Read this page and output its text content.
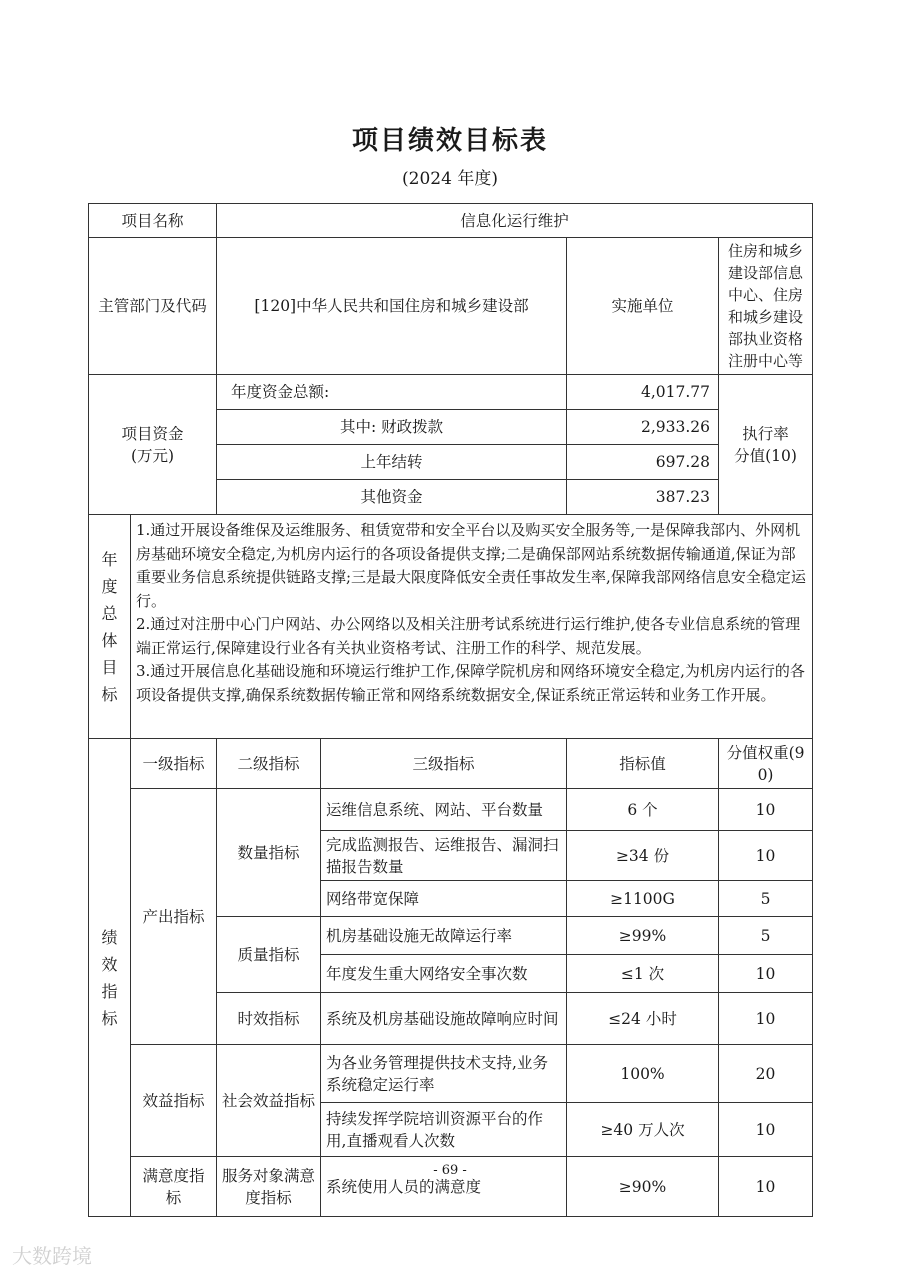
项目绩效目标表
(2024 年度)
项目名称		信息化运行维护			
主管部门及代码		[120]中华人民共和国住房和城乡建设部		实施单位	住房和城乡建设部信息中心、住房和城乡建设部执业资格注册中心等
项目资金
(万元)		年度资金总额:		4,017.77	执行率
分值(10)
		其中: 财政拨款		2,933.26	
		上年结转		697.28	
		其他资金		387.23	

年度总体目标	1.通过开展设备维保及运维服务、租赁宽带和安全平台以及购买安全服务等,一是保障我部内、外网机房基础环境安全稳定,为机房内运行的各项设备提供支撑;二是确保部网站系统数据传输通道,保证为部重要业务信息系统提供链路支撑;三是最大限度降低安全责任事故发生率,保障我部网络信息安全稳定运行。
2.通过对注册中心门户网站、办公网络以及相关注册考试系统进行运行维护,使各专业信息系统的管理端正常运行,保障建设行业各有关执业资格考试、注册工作的科学、规范发展。
3.通过开展信息化基础设施和环境运行维护工作,保障学院机房和网络环境安全稳定,为机房内运行的各项设备提供支撑,确保系统数据传输正常和网络系统数据安全,保证系统正常运转和业务工作开展。				

绩效指标	一级指标	二级指标	三级指标	指标值	分值权重(90)
	产出指标	数量指标	运维信息系统、网站、平台数量	6 个	10
			完成监测报告、运维报告、漏洞扫描报告数量	≥34 份	10
			网络带宽保障	≥1100G	5
		质量指标	机房基础设施无故障运行率	≥99%	5
			年度发生重大网络安全事次数	≤1 次	10
		时效指标	系统及机房基础设施故障响应时间	≤24 小时	10
	效益指标	社会效益指标	为各业务管理提供技术支持,业务系统稳定运行率	100%	20
			持续发挥学院培训资源平台的作用,直播观看人次数	≥40 万人次	10
	满意度指标	服务对象满意度指标	系统使用人员的满意度	≥90%	10
- 69 -
大数跨境
